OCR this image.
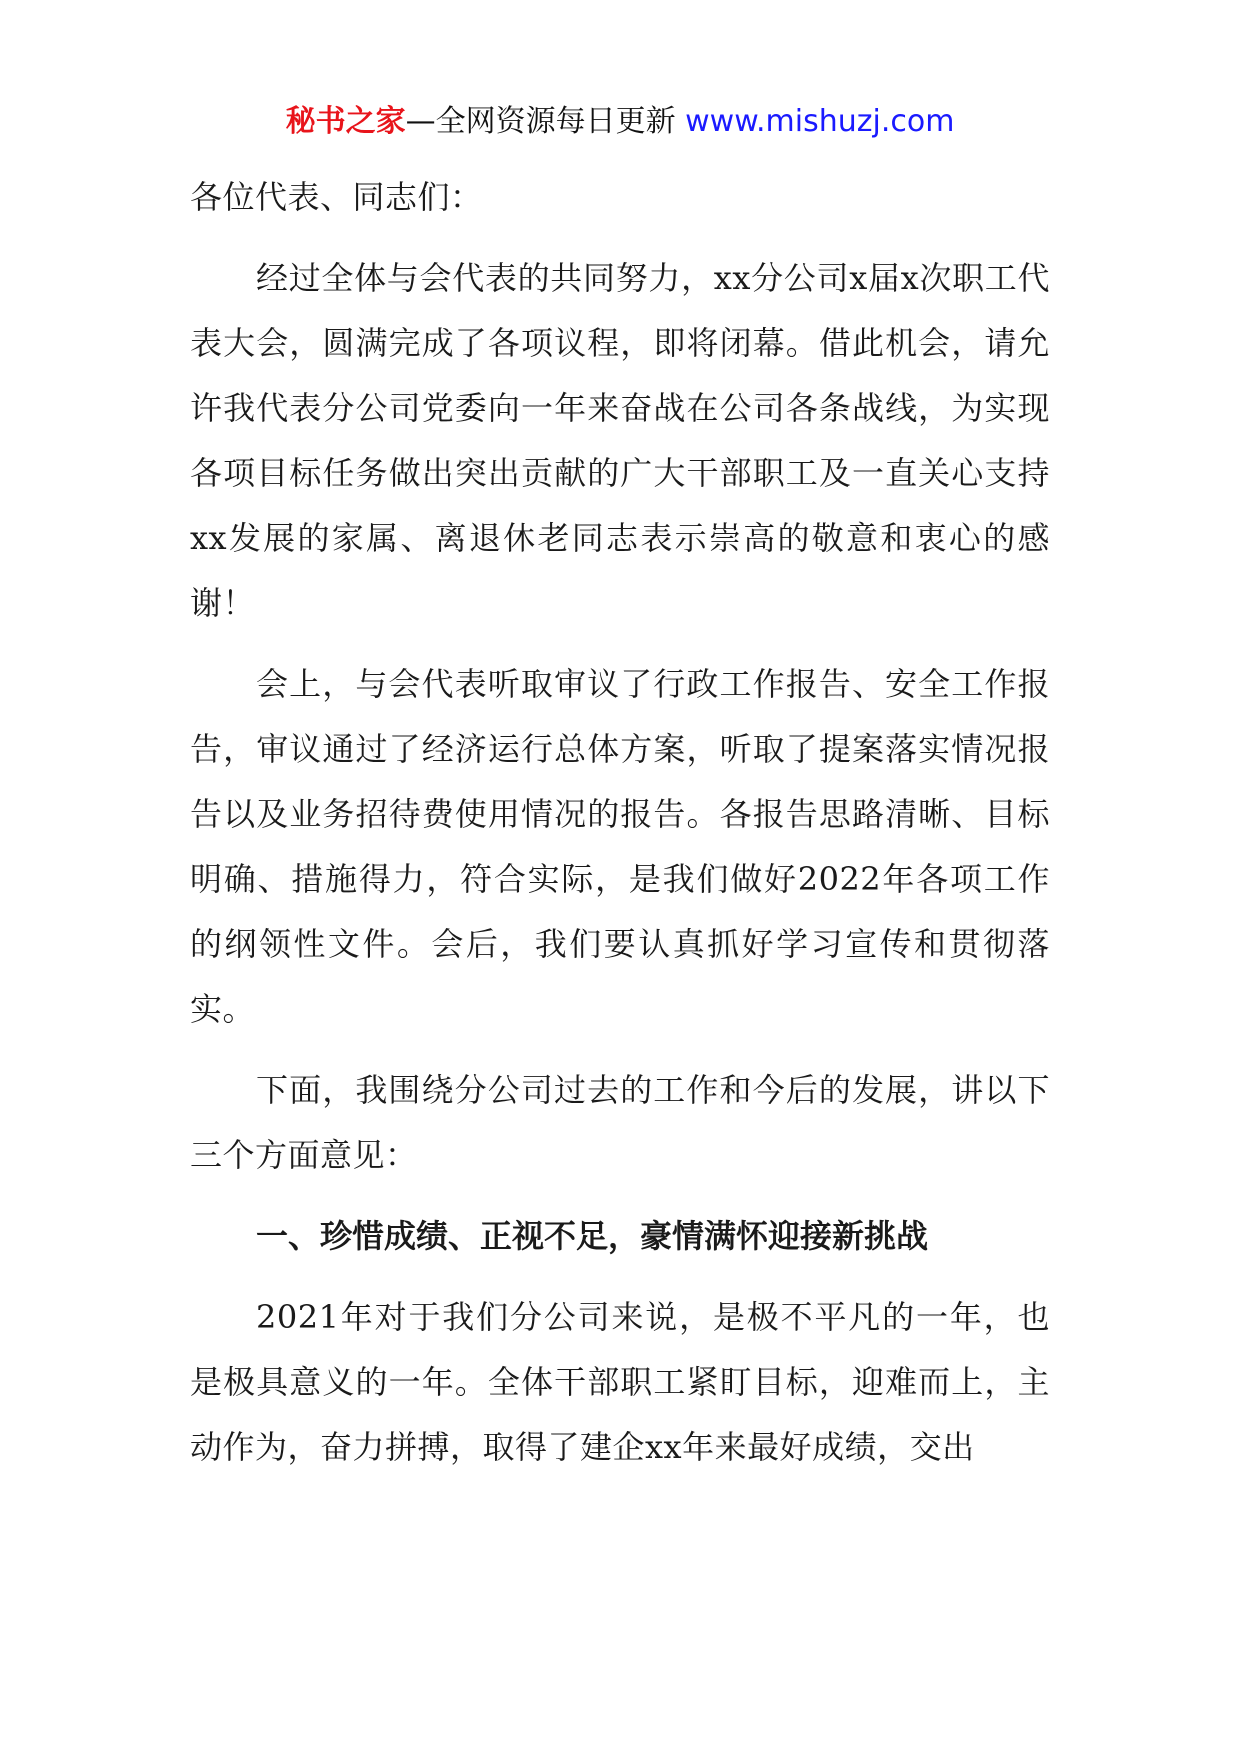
秘书之家—全网资源每日更新 www.mishuzj.com

各位代表、同志们：

经过全体与会代表的共同努力，xx分公司x届x次职工代表大会，圆满完成了各项议程，即将闭幕。借此机会，请允许我代表分公司党委向一年来奋战在公司各条战线，为实现各项目标任务做出突出贡献的广大干部职工及一直关心支持xx发展的家属、离退休老同志表示崇高的敬意和衷心的感谢！

会上，与会代表听取审议了行政工作报告、安全工作报告，审议通过了经济运行总体方案，听取了提案落实情况报告以及业务招待费使用情况的报告。各报告思路清晰、目标明确、措施得力，符合实际，是我们做好2022年各项工作的纲领性文件。会后，我们要认真抓好学习宣传和贯彻落实。

下面，我围绕分公司过去的工作和今后的发展，讲以下三个方面意见：

一、珍惜成绩、正视不足，豪情满怀迎接新挑战

2021年对于我们分公司来说，是极不平凡的一年，也是极具意义的一年。全体干部职工紧盯目标，迎难而上，主动作为，奋力拼搏，取得了建企xx年来最好成绩，交出
